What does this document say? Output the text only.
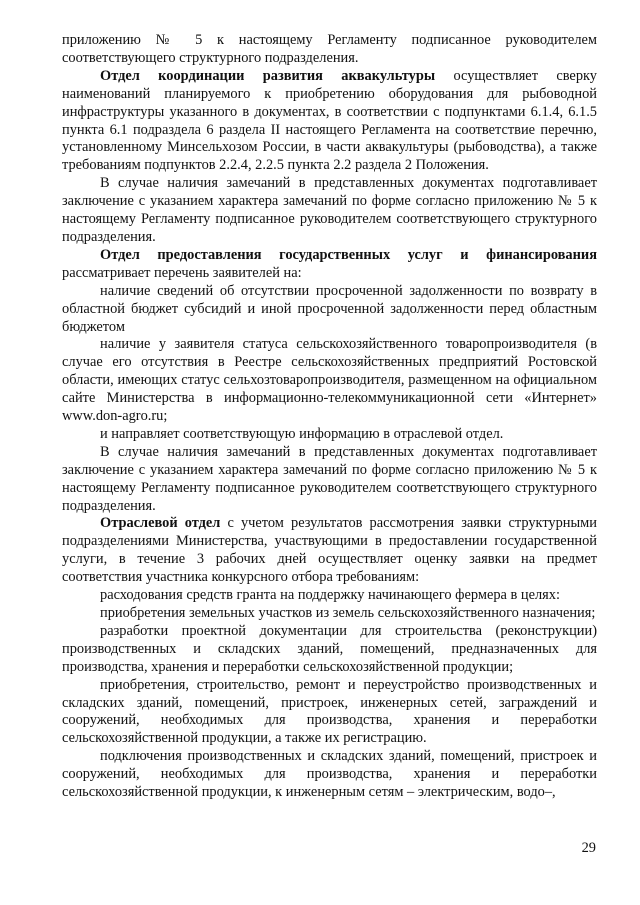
приложению № 5 к настоящему Регламенту подписанное руководителем соответствующего структурного подразделения.

Отдел координации развития аквакультуры осуществляет сверку наименований планируемого к приобретению оборудования для рыбоводной инфраструктуры указанного в документах, в соответствии с подпунктами 6.1.4, 6.1.5 пункта 6.1 подраздела 6 раздела II настоящего Регламента на соответствие перечню, установленному Минсельхозом России, в части аквакультуры (рыбоводства), а также требованиям подпунктов 2.2.4, 2.2.5 пункта 2.2 раздела 2 Положения.

В случае наличия замечаний в представленных документах подготавливает заключение с указанием характера замечаний по форме согласно приложению № 5 к настоящему Регламенту подписанное руководителем соответствующего структурного подразделения.

Отдел предоставления государственных услуг и финансирования рассматривает перечень заявителей на:

наличие сведений об отсутствии просроченной задолженности по возврату в областной бюджет субсидий и иной просроченной задолженности перед областным бюджетом

наличие у заявителя статуса сельскохозяйственного товаропроизводителя (в случае его отсутствия в Реестре сельскохозяйственных предприятий Ростовской области, имеющих статус сельхозтоваропроизводителя, размещенном на официальном сайте Министерства в информационно-телекоммуникационной сети «Интернет» www.don-agro.ru;

и направляет соответствующую информацию в отраслевой отдел.

В случае наличия замечаний в представленных документах подготавливает заключение с указанием характера замечаний по форме согласно приложению № 5 к настоящему Регламенту подписанное руководителем соответствующего структурного подразделения.

Отраслевой отдел с учетом результатов рассмотрения заявки структурными подразделениями Министерства, участвующими в предоставлении государственной услуги, в течение 3 рабочих дней осуществляет оценку заявки на предмет соответствия участника конкурсного отбора требованиям:

расходования средств гранта на поддержку начинающего фермера в целях:

приобретения земельных участков из земель сельскохозяйственного назначения;

разработки проектной документации для строительства (реконструкции) производственных и складских зданий, помещений, предназначенных для производства, хранения и переработки сельскохозяйственной продукции;

приобретения, строительство, ремонт и переустройство производственных и складских зданий, помещений, пристроек, инженерных сетей, заграждений и сооружений, необходимых для производства, хранения и переработки сельскохозяйственной продукции, а также их регистрацию.

подключения производственных и складских зданий, помещений, пристроек и сооружений, необходимых для производства, хранения и переработки сельскохозяйственной продукции, к инженерным сетям – электрическим, водо–,

29
